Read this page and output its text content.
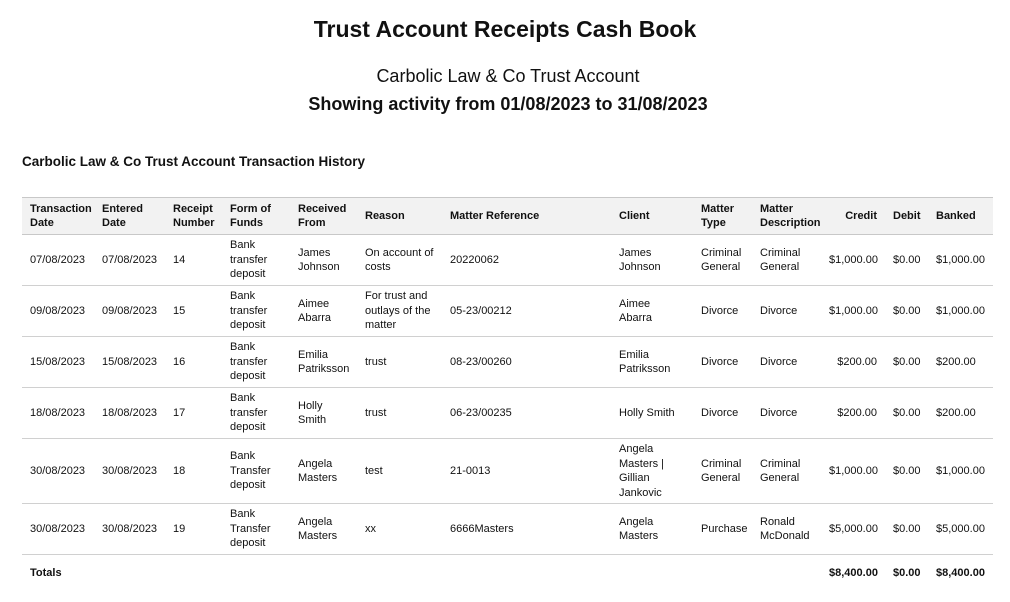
Trust Account Receipts Cash Book
Carbolic Law & Co Trust Account
Showing activity from 01/08/2023 to 31/08/2023
Carbolic Law & Co Trust Account Transaction History
Transaction Date	Entered Date	Receipt Number	Form of Funds	Received From	Reason	Matter Reference	Client	Matter Type	Matter Description	Credit	Debit	Banked
07/08/2023	07/08/2023	14	Bank transfer deposit	James Johnson	On account of costs	20220062	James Johnson	Criminal General	Criminal General	$1,000.00	$0.00	$1,000.00
09/08/2023	09/08/2023	15	Bank transfer deposit	Aimee Abarra	For trust and outlays of the matter	05-23/00212	Aimee Abarra	Divorce	Divorce	$1,000.00	$0.00	$1,000.00
15/08/2023	15/08/2023	16	Bank transfer deposit	Emilia Patriksson	trust	08-23/00260	Emilia Patriksson	Divorce	Divorce	$200.00	$0.00	$200.00
18/08/2023	18/08/2023	17	Bank transfer deposit	Holly Smith	trust	06-23/00235	Holly Smith	Divorce	Divorce	$200.00	$0.00	$200.00
30/08/2023	30/08/2023	18	Bank Transfer deposit	Angela Masters	test	21-0013	Angela Masters | Gillian Jankovic	Criminal General	Criminal General	$1,000.00	$0.00	$1,000.00
30/08/2023	30/08/2023	19	Bank Transfer deposit	Angela Masters	xx	6666Masters	Angela Masters	Purchase	Ronald McDonald	$5,000.00	$0.00	$5,000.00
Totals										$8,400.00	$0.00	$8,400.00
